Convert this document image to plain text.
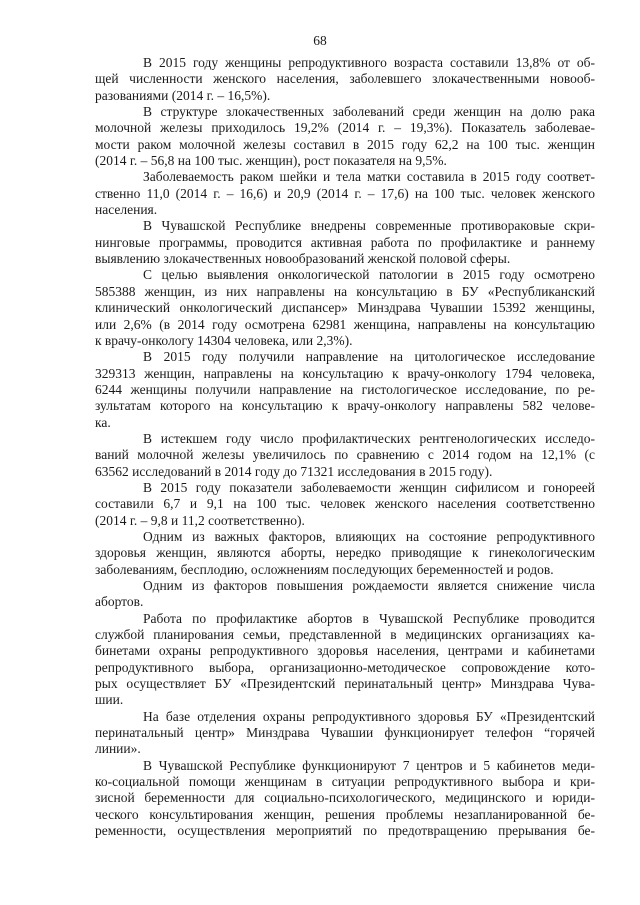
68

В 2015 году женщины репродуктивного возраста составили 13,8% от об-
щей численности женского населения, заболевшего злокачественными новооб-
разованиями (2014 г. – 16,5%).

В структуре злокачественных заболеваний среди женщин на долю рака
молочной железы приходилось 19,2% (2014 г. – 19,3%). Показатель заболевае-
мости раком молочной железы составил в 2015 году 62,2 на 100 тыс. женщин
(2014 г. – 56,8 на 100 тыс. женщин), рост показателя на 9,5%.

Заболеваемость раком шейки и тела матки составила в 2015 году соответ-
ственно 11,0 (2014 г. – 16,6) и 20,9 (2014 г. – 17,6) на 100 тыс. человек женского
населения.

В Чувашской Республике внедрены современные противораковые скри-
нинговые программы, проводится активная работа по профилактике и раннему
выявлению злокачественных новообразований женской половой сферы.

С целью выявления онкологической патологии в 2015 году осмотрено
585388 женщин, из них направлены на консультацию в БУ «Республиканский
клинический онкологический диспансер» Минздрава Чувашии 15392 женщины,
или 2,6% (в 2014 году осмотрена 62981 женщина, направлены на консультацию
к врачу-онкологу 14304 человека, или 2,3%).

В 2015 году получили направление на цитологическое исследование
329313 женщин, направлены на консультацию к врачу-онкологу 1794 человека,
6244 женщины получили направление на гистологическое исследование, по ре-
зультатам которого на консультацию к врачу-онкологу направлены 582 челове-
ка.

В истекшем году число профилактических рентгенологических исследо-
ваний молочной железы увеличилось по сравнению с 2014 годом на 12,1% (с
63562 исследований в 2014 году до 71321 исследования в 2015 году).

В 2015 году показатели заболеваемости женщин сифилисом и гонореей
составили 6,7 и 9,1 на 100 тыс. человек женского населения соответственно
(2014 г. – 9,8 и 11,2 соответственно).

Одним из важных факторов, влияющих на состояние репродуктивного
здоровья женщин, являются аборты, нередко приводящие к гинекологическим
заболеваниям, бесплодию, осложнениям последующих беременностей и родов.

Одним из факторов повышения рождаемости является снижение числа
абортов.

Работа по профилактике абортов в Чувашской Республике проводится
службой планирования семьи, представленной в медицинских организациях ка-
бинетами охраны репродуктивного здоровья населения, центрами и кабинетами
репродуктивного выбора, организационно-методическое сопровождение кото-
рых осуществляет БУ «Президентский перинатальный центр» Минздрава Чува-
шии.

На базе отделения охраны репродуктивного здоровья БУ «Президентский
перинатальный центр» Минздрава Чувашии функционирует телефон “горячей
линии».

В Чувашской Республике функционируют 7 центров и 5 кабинетов меди-
ко-социальной помощи женщинам в ситуации репродуктивного выбора и кри-
зисной беременности для социально-психологического, медицинского и юриди-
ческого консультирования женщин, решения проблемы незапланированной бе-
ременности, осуществления мероприятий по предотвращению прерывания бе-
